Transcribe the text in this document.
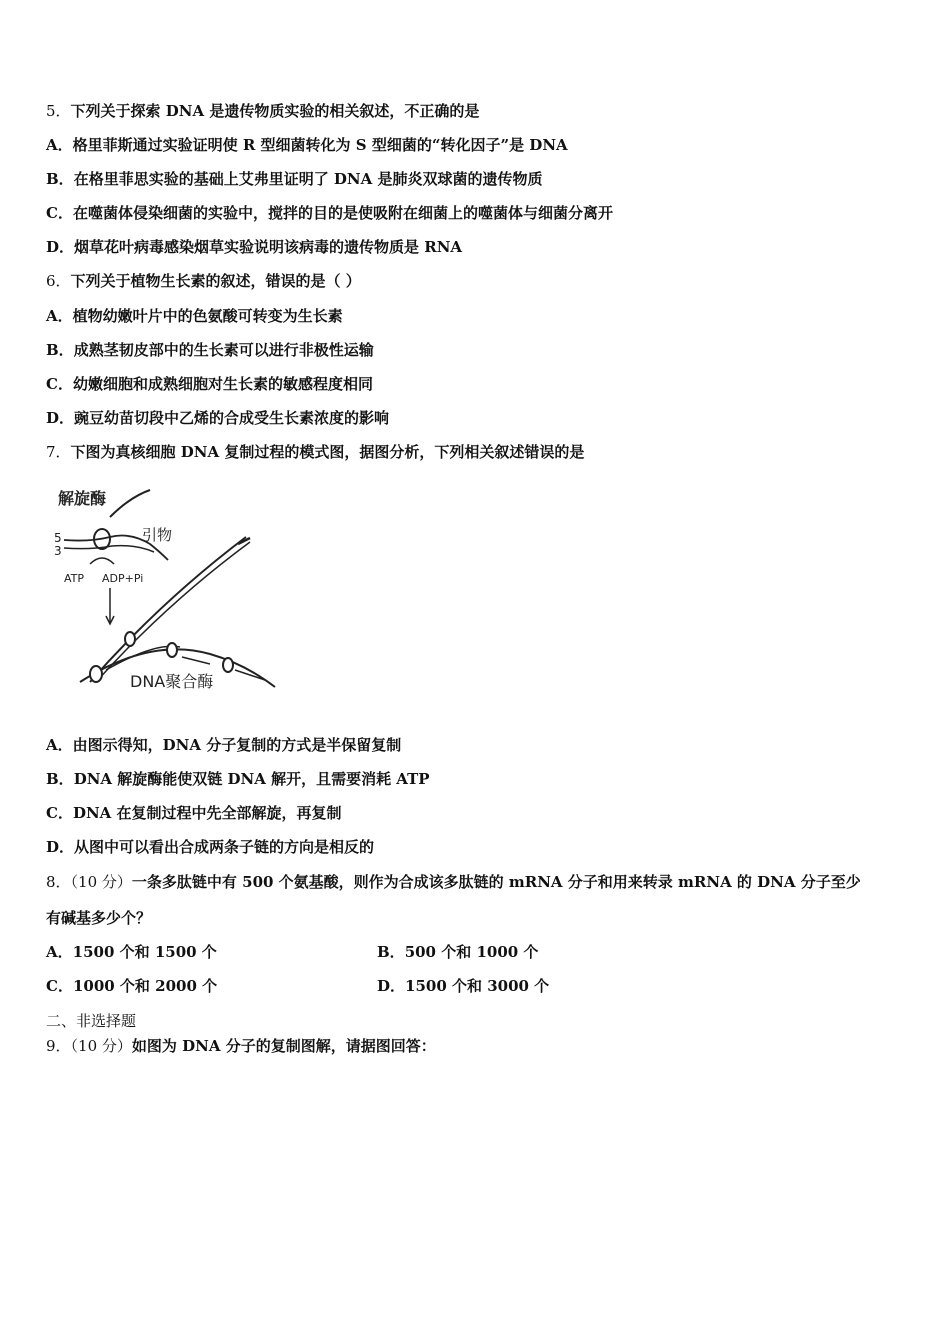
5．下列关于探索 DNA 是遗传物质实验的相关叙述，不正确的是
A．格里菲斯通过实验证明使 R 型细菌转化为 S 型细菌的“转化因子”是 DNA
B．在格里菲思实验的基础上艾弗里证明了 DNA 是肺炎双球菌的遗传物质
C．在噬菌体侵染细菌的实验中，搅拌的目的是使吸附在细菌上的噬菌体与细菌分离开
D．烟草花叶病毒感染烟草实验说明该病毒的遗传物质是 RNA
6．下列关于植物生长素的叙述，错误的是（ ）
A．植物幼嫩叶片中的色氨酸可转变为生长素
B．成熟茎韧皮部中的生长素可以进行非极性运输
C．幼嫩细胞和成熟细胞对生长素的敏感程度相同
D．豌豆幼苗切段中乙烯的合成受生长素浓度的影响
7．下图为真核细胞 DNA 复制过程的模式图，据图分析，下列相关叙述错误的是
解旋酶
5
3
引物
ATP ADP+Pi
DNA聚合酶
A．由图示得知，DNA 分子复制的方式是半保留复制
B．DNA 解旋酶能使双链 DNA 解开，且需要消耗 ATP
C．DNA 在复制过程中先全部解旋，再复制
D．从图中可以看出合成两条子链的方向是相反的
8．（10 分）一条多肽链中有 500 个氨基酸，则作为合成该多肽链的 mRNA 分子和用来转录 mRNA 的 DNA 分子至少
有碱基多少个？
A．1500 个和 1500 个	B．500 个和 1000 个
C．1000 个和 2000 个	D．1500 个和 3000 个
二、非选择题
9．（10 分）如图为 DNA 分子的复制图解，请据图回答：
